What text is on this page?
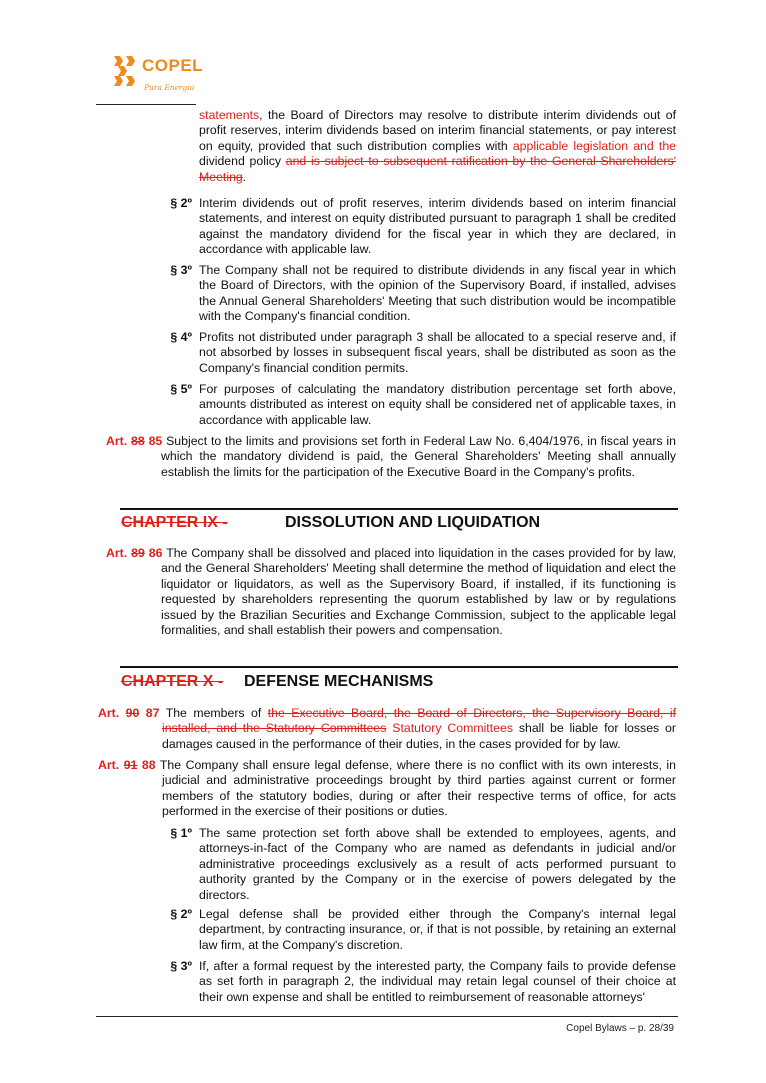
COPEL
Pura Energia

statements, the Board of Directors may resolve to distribute interim dividends out of profit reserves, interim dividends based on interim financial statements, or pay interest on equity, provided that such distribution complies with applicable legislation and the dividend policy and is subject to subsequent ratification by the General Shareholders' Meeting.

§ 2º Interim dividends out of profit reserves, interim dividends based on interim financial statements, and interest on equity distributed pursuant to paragraph 1 shall be credited against the mandatory dividend for the fiscal year in which they are declared, in accordance with applicable law.

§ 3º The Company shall not be required to distribute dividends in any fiscal year in which the Board of Directors, with the opinion of the Supervisory Board, if installed, advises the Annual General Shareholders' Meeting that such distribution would be incompatible with the Company's financial condition.

§ 4º Profits not distributed under paragraph 3 shall be allocated to a special reserve and, if not absorbed by losses in subsequent fiscal years, shall be distributed as soon as the Company's financial condition permits.

§ 5º For purposes of calculating the mandatory distribution percentage set forth above, amounts distributed as interest on equity shall be considered net of applicable taxes, in accordance with applicable law.

Art. 88 85 Subject to the limits and provisions set forth in Federal Law No. 6,404/1976, in fiscal years in which the mandatory dividend is paid, the General Shareholders' Meeting shall annually establish the limits for the participation of the Executive Board in the Company's profits.

CHAPTER IX -	DISSOLUTION AND LIQUIDATION

Art. 89 86 The Company shall be dissolved and placed into liquidation in the cases provided for by law, and the General Shareholders' Meeting shall determine the method of liquidation and elect the liquidator or liquidators, as well as the Supervisory Board, if installed, if its functioning is requested by shareholders representing the quorum established by law or by regulations issued by the Brazilian Securities and Exchange Commission, subject to the applicable legal formalities, and shall establish their powers and compensation.

CHAPTER X - DEFENSE MECHANISMS

Art. 90 87 The members of the Executive Board, the Board of Directors, the Supervisory Board, if installed, and the Statutory Committees Statutory Committees shall be liable for losses or damages caused in the performance of their duties, in the cases provided for by law.

Art. 91 88 The Company shall ensure legal defense, where there is no conflict with its own interests, in judicial and administrative proceedings brought by third parties against current or former members of the statutory bodies, during or after their respective terms of office, for acts performed in the exercise of their positions or duties.

§ 1º The same protection set forth above shall be extended to employees, agents, and attorneys-in-fact of the Company who are named as defendants in judicial and/or administrative proceedings exclusively as a result of acts performed pursuant to authority granted by the Company or in the exercise of powers delegated by the directors.

§ 2º Legal defense shall be provided either through the Company's internal legal department, by contracting insurance, or, if that is not possible, by retaining an external law firm, at the Company's discretion.

§ 3º If, after a formal request by the interested party, the Company fails to provide defense as set forth in paragraph 2, the individual may retain legal counsel of their choice at their own expense and shall be entitled to reimbursement of reasonable attorneys'

Copel Bylaws – p. 28/39
